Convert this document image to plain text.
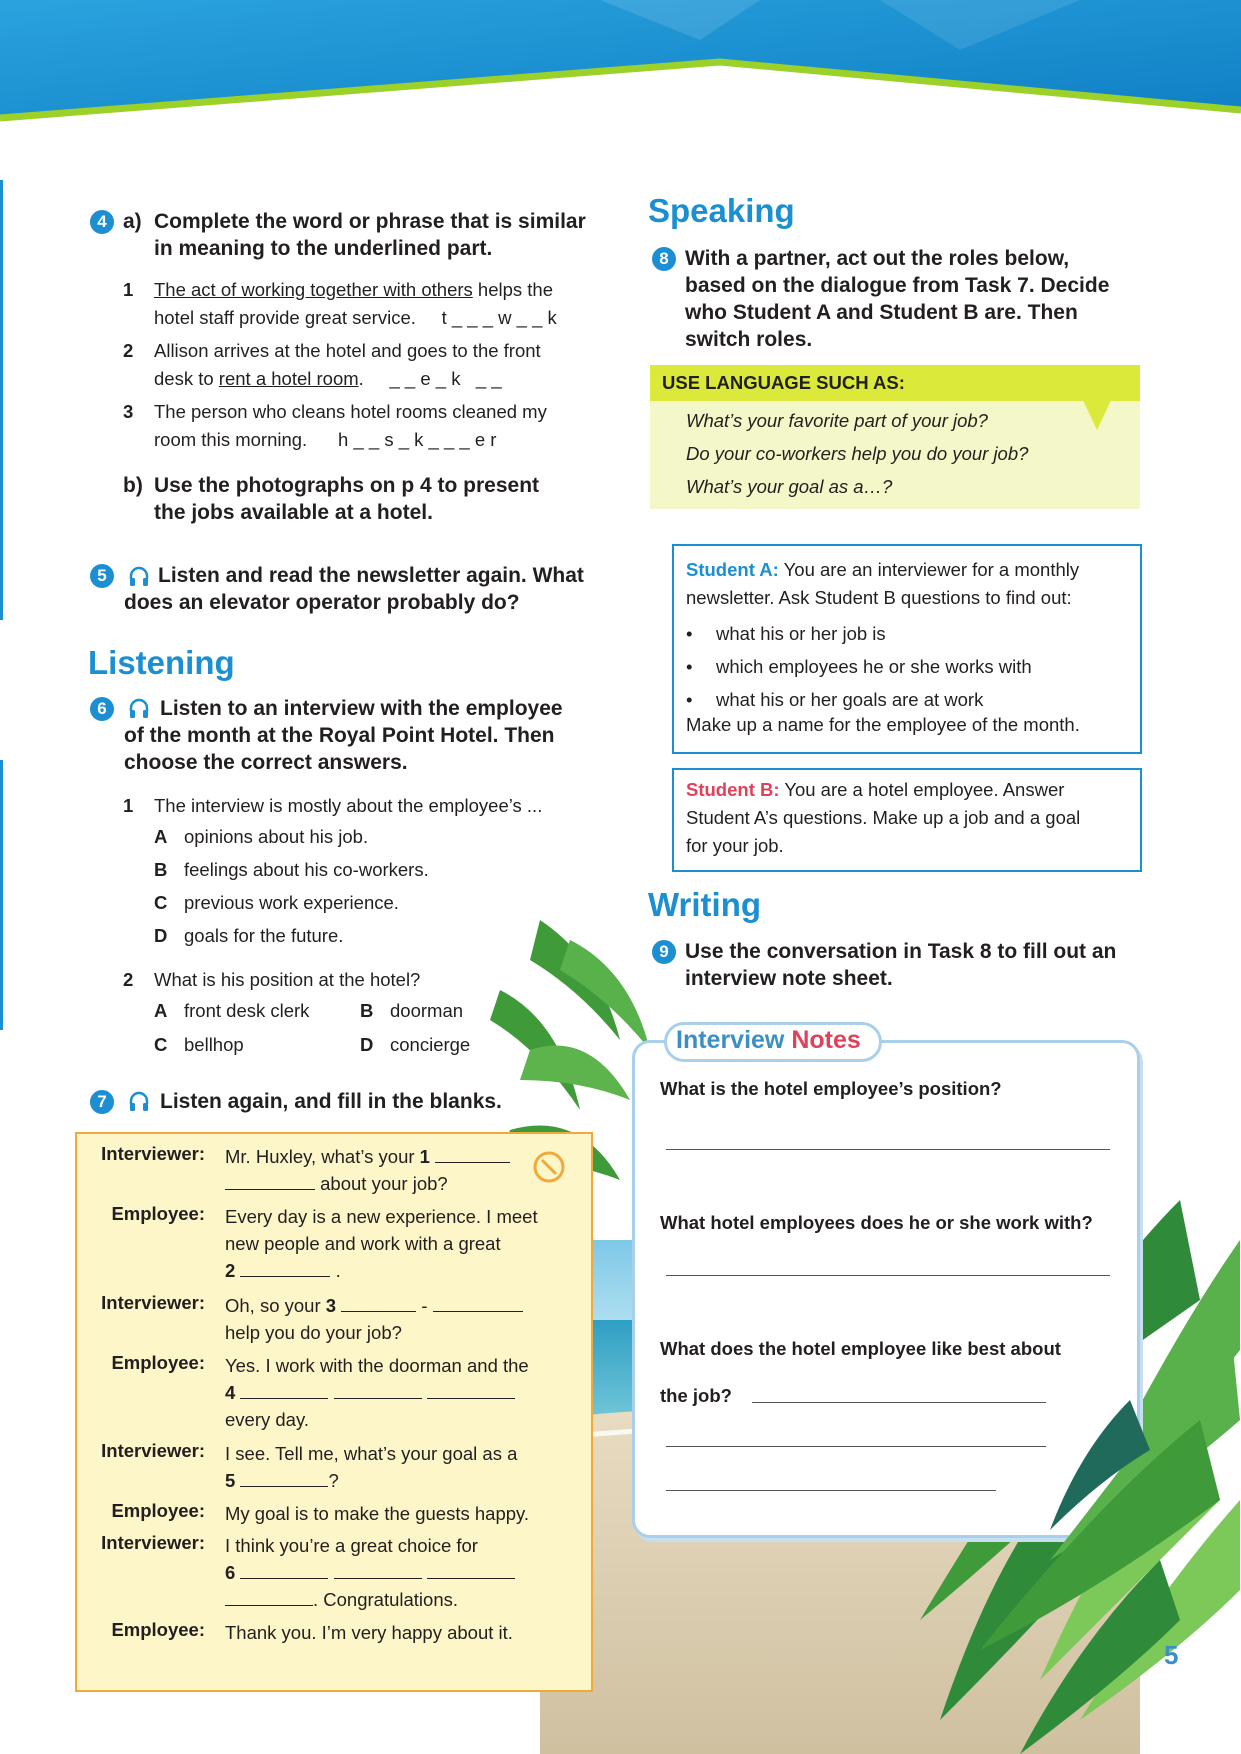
4 a) Complete the word or phrase that is similar
in meaning to the underlined part.
1 The act of working together with others helps the
hotel staff provide great service. t _ _ _ w _ _ k
2 Allison arrives at the hotel and goes to the front
desk to rent a hotel room. _ _ e _ k   _ _
3 The person who cleans hotel rooms cleaned my
room this morning. h _ _ s _ k _ _ _ e r
b) Use the photographs on p 4 to present
the jobs available at a hotel.
5	Listen and read the newsletter again. What
does an elevator operator probably do?
Listening
6	Listen to an interview with the employee
of the month at the Royal Point Hotel. Then
choose the correct answers.
1 The interview is mostly about the employee’s ...
A opinions about his job.
B feelings about his co-workers.
C previous work experience.
D goals for the future.
2 What is his position at the hotel?
A front desk clerk	B doorman
C bellhop	D concierge
7	Listen again, and fill in the blanks.
Interviewer: Mr. Huxley, what’s your 1
about your job?
Employee: Every day is a new experience. I meet
new people and work with a great
2	.
Interviewer: Oh, so your 3	-
help you do your job?
Employee: Yes. I work with the doorman and the
4
every day.
Interviewer: I see. Tell me, what’s your goal as a
5	?
Employee: My goal is to make the guests happy.
Interviewer: I think you’re a great choice for
6
. Congratulations.
Employee: Thank you. I’m very happy about it.
Speaking
8 With a partner, act out the roles below,
based on the dialogue from Task 7. Decide
who Student A and Student B are. Then
switch roles.
USE LANGUAGE SUCH AS:
What’s your favorite part of your job?
Do your co-workers help you do your job?
What’s your goal as a…?
Student A: You are an interviewer for a monthly
newsletter. Ask Student B questions to find out:
• what his or her job is
• which employees he or she works with
• what his or her goals are at work
Make up a name for the employee of the month.
Student B: You are a hotel employee. Answer
Student A’s questions. Make up a job and a goal
for your job.
Writing
9 Use the conversation in Task 8 to fill out an
interview note sheet.
Interview Notes
What is the hotel employee’s position?
What hotel employees does he or she work with?
What does the hotel employee like best about
the job?
5
